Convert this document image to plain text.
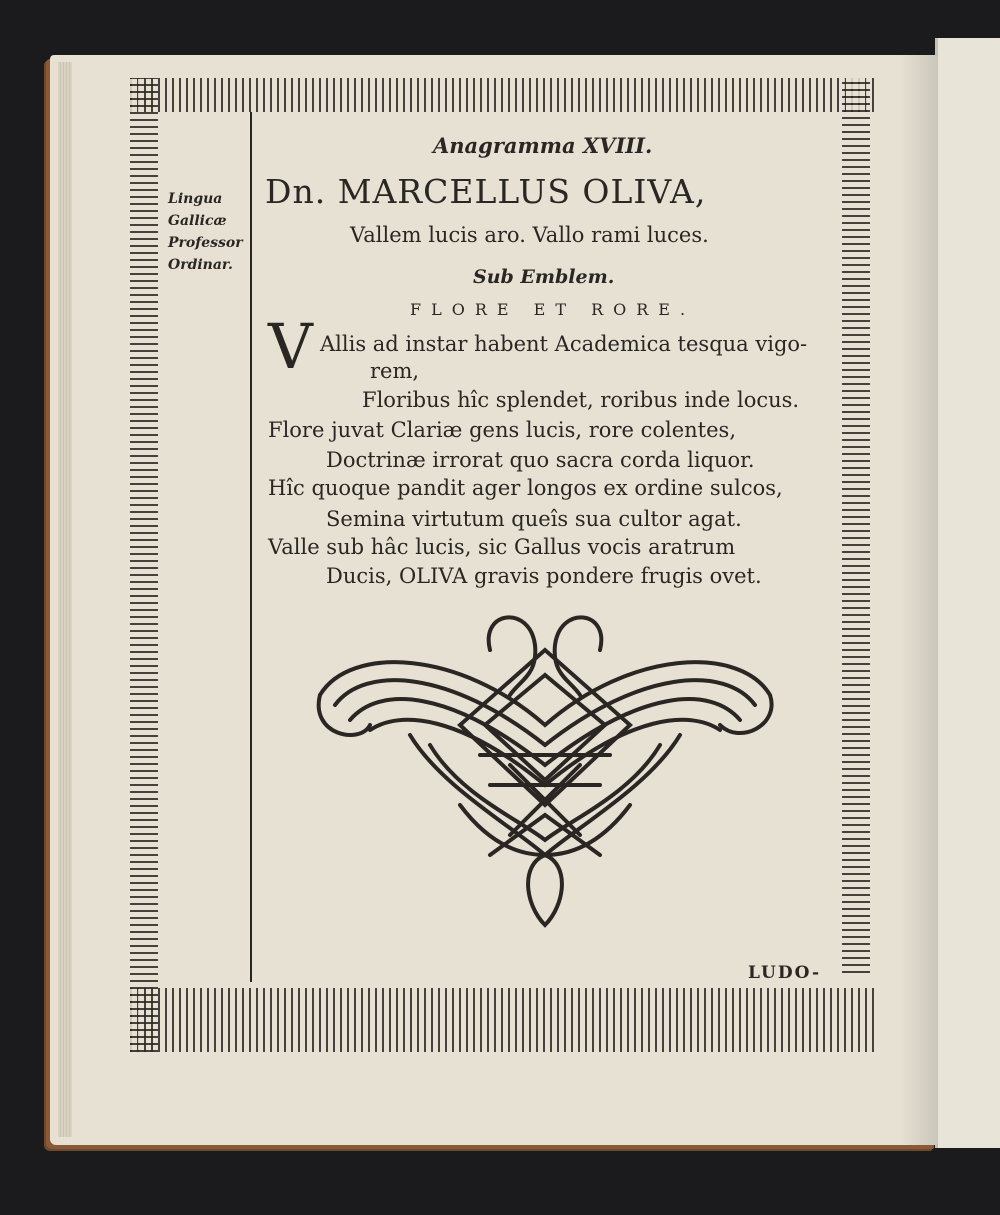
Lingua
Gallicæ
Professor
Ordinar.
Anagramma XVIII.
Dn. MARCELLUS OLIVA,
Vallem lucis aro. Vallo rami luces.
Sub Emblem.
FLORE ET RORE.
V Allis ad instar habent Academica tesqua vigo-
rem,
Floribus hîc splendet, roribus inde locus.
Flore juvat Clariæ gens lucis, rore colentes,
Doctrinæ irrorat quo sacra corda liquor.
Hîc quoque pandit ager longos ex ordine sulcos,
Semina virtutum queîs sua cultor agat.
Valle sub hâc lucis, sic Gallus vocis aratrum
Ducis, OLIVA gravis pondere frugis ovet.
LUDO-
